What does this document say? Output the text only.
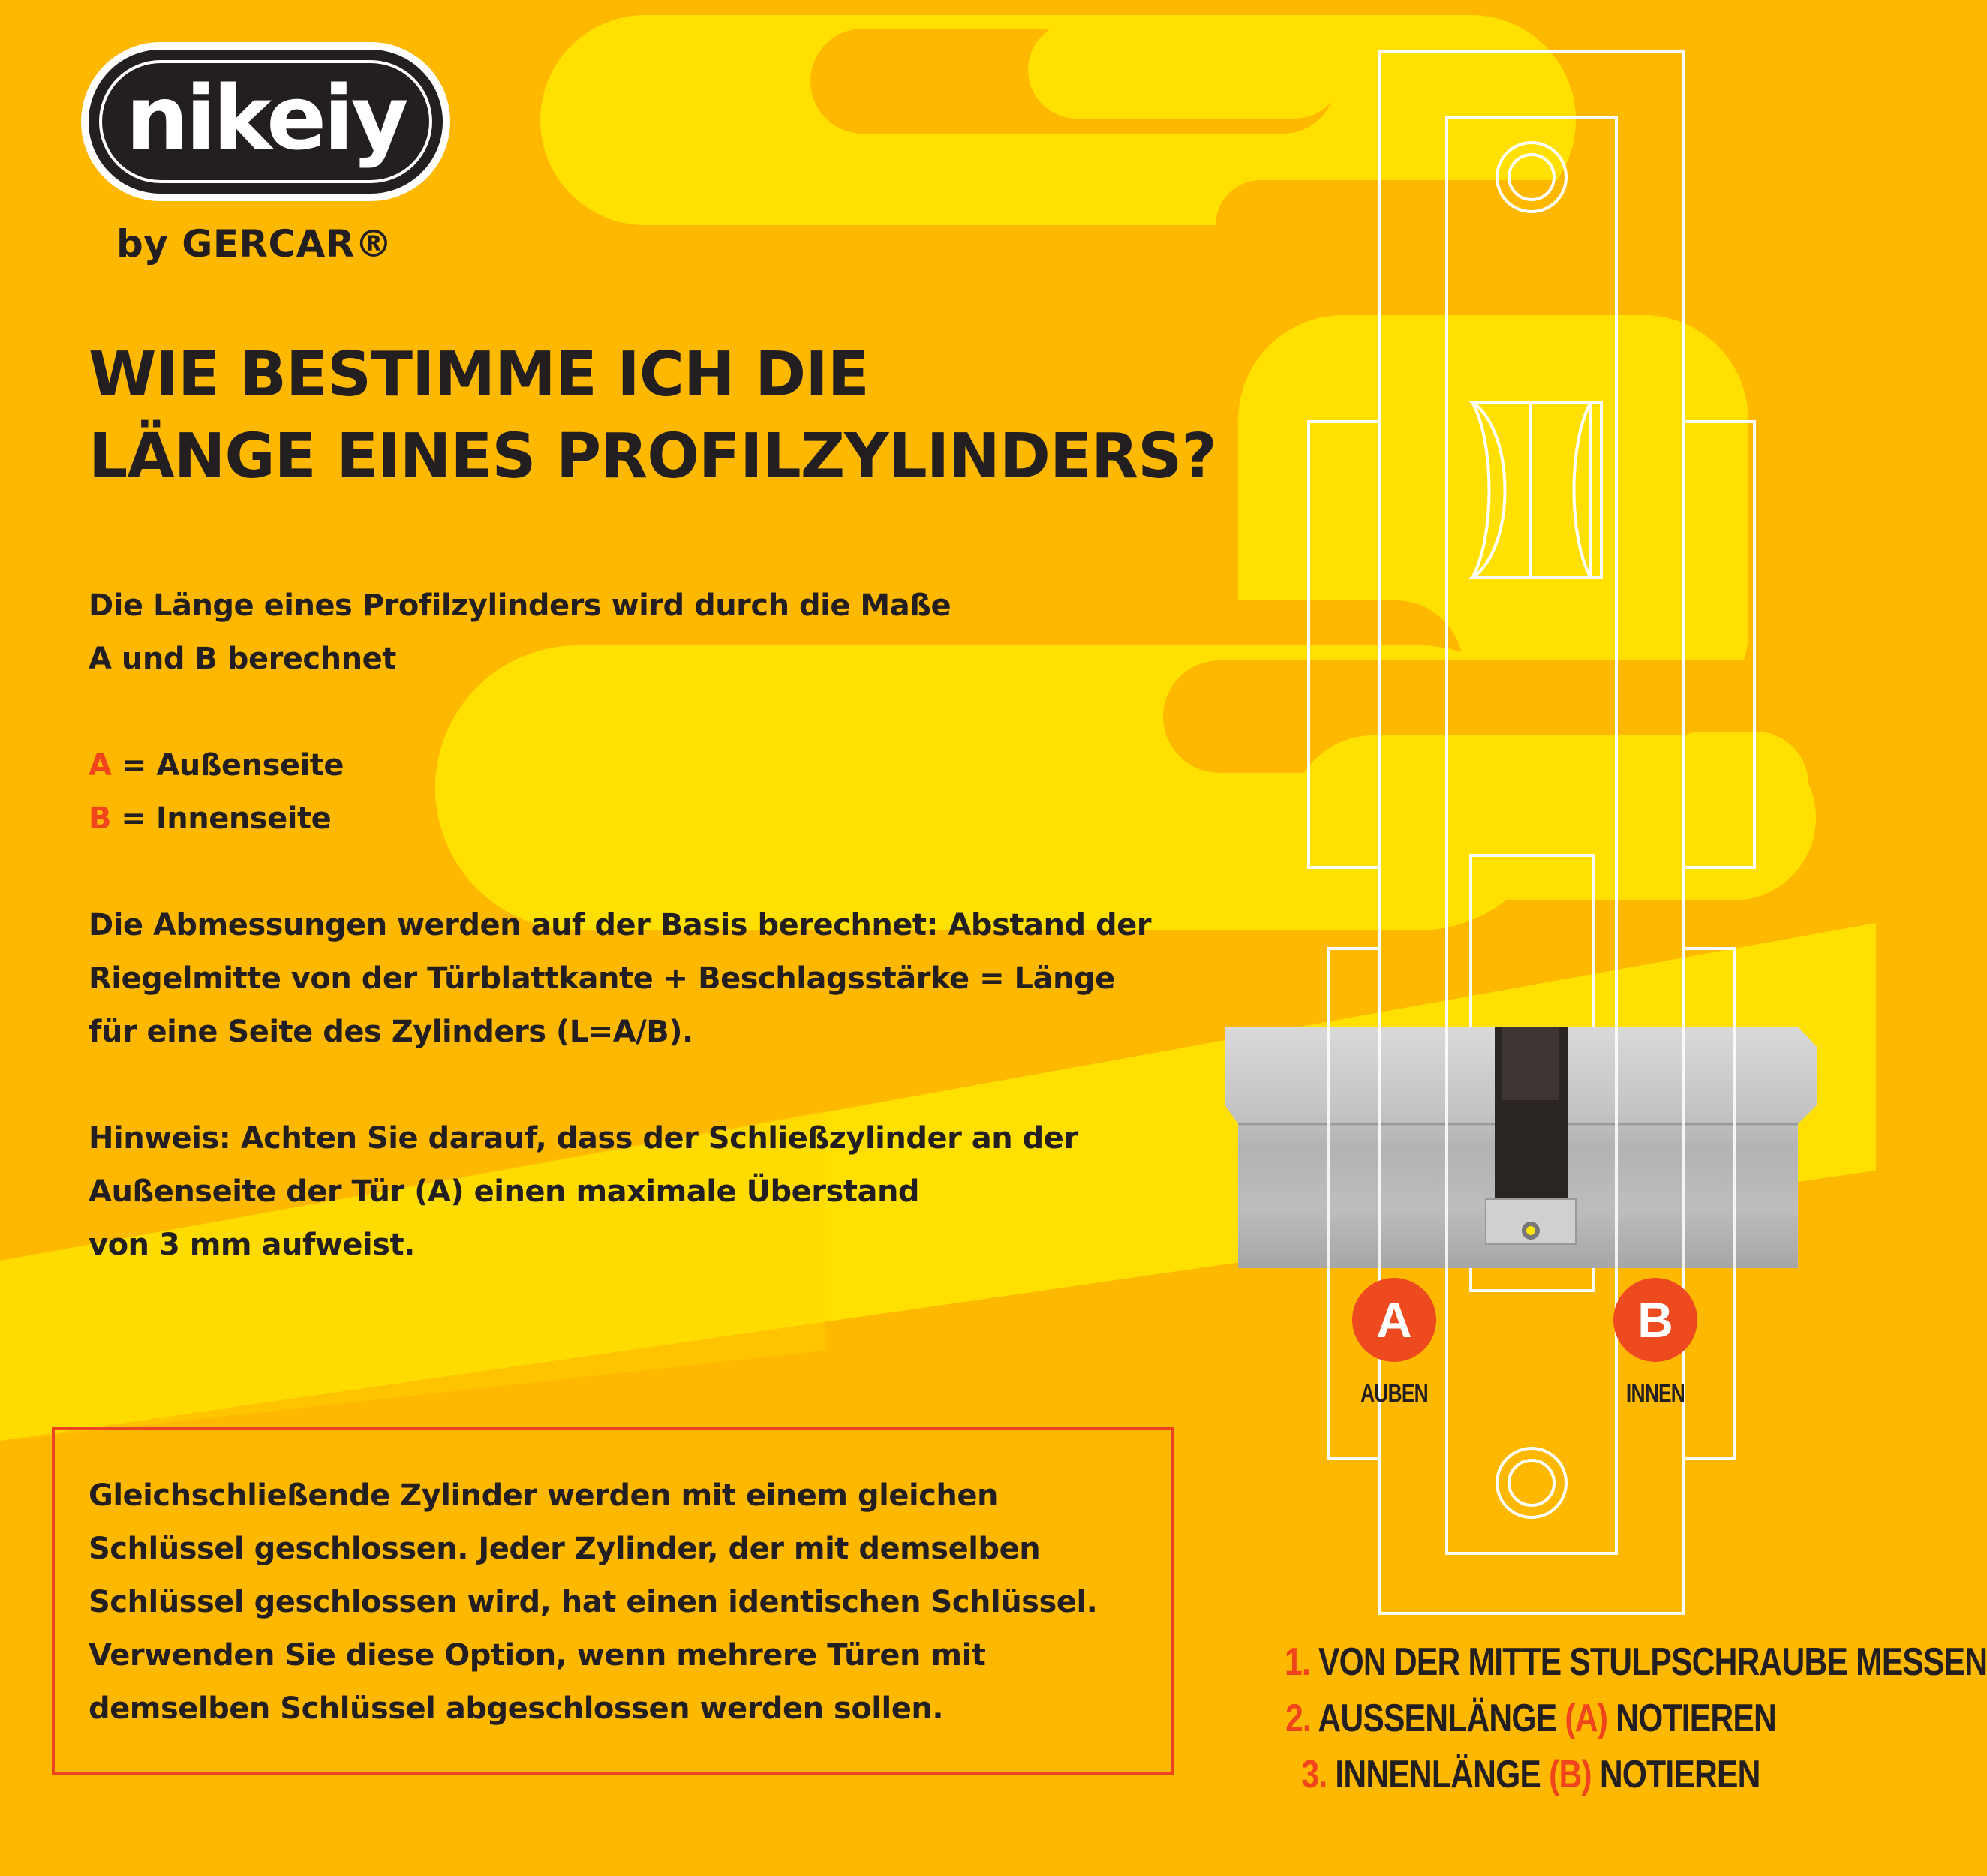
nikeiy
by GERCAR®
WIE BESTIMME ICH DIE
LÄNGE EINES PROFILZYLINDERS?
Die Länge eines Profilzylinders wird durch die Maße
A und B berechnet
A = Außenseite
B = Innenseite
Die Abmessungen werden auf der Basis berechnet: Abstand der
Riegelmitte von der Türblattkante + Beschlagsstärke = Länge
für eine Seite des Zylinders (L=A/B).
Hinweis: Achten Sie darauf, dass der Schließzylinder an der
Außenseite der Tür (A) einen maximale Überstand
von 3 mm aufweist.
Gleichschließende Zylinder werden mit einem gleichen
Schlüssel geschlossen. Jeder Zylinder, der mit demselben
Schlüssel geschlossen wird, hat einen identischen Schlüssel.
Verwenden Sie diese Option, wenn mehrere Türen mit
demselben Schlüssel abgeschlossen werden sollen.
A
AUBEN
B
INNEN
1. VON DER MITTE STULPSCHRAUBE MESSEN
2. AUSSENLÄNGE (A) NOTIEREN
3. INNENLÄNGE (B) NOTIEREN
